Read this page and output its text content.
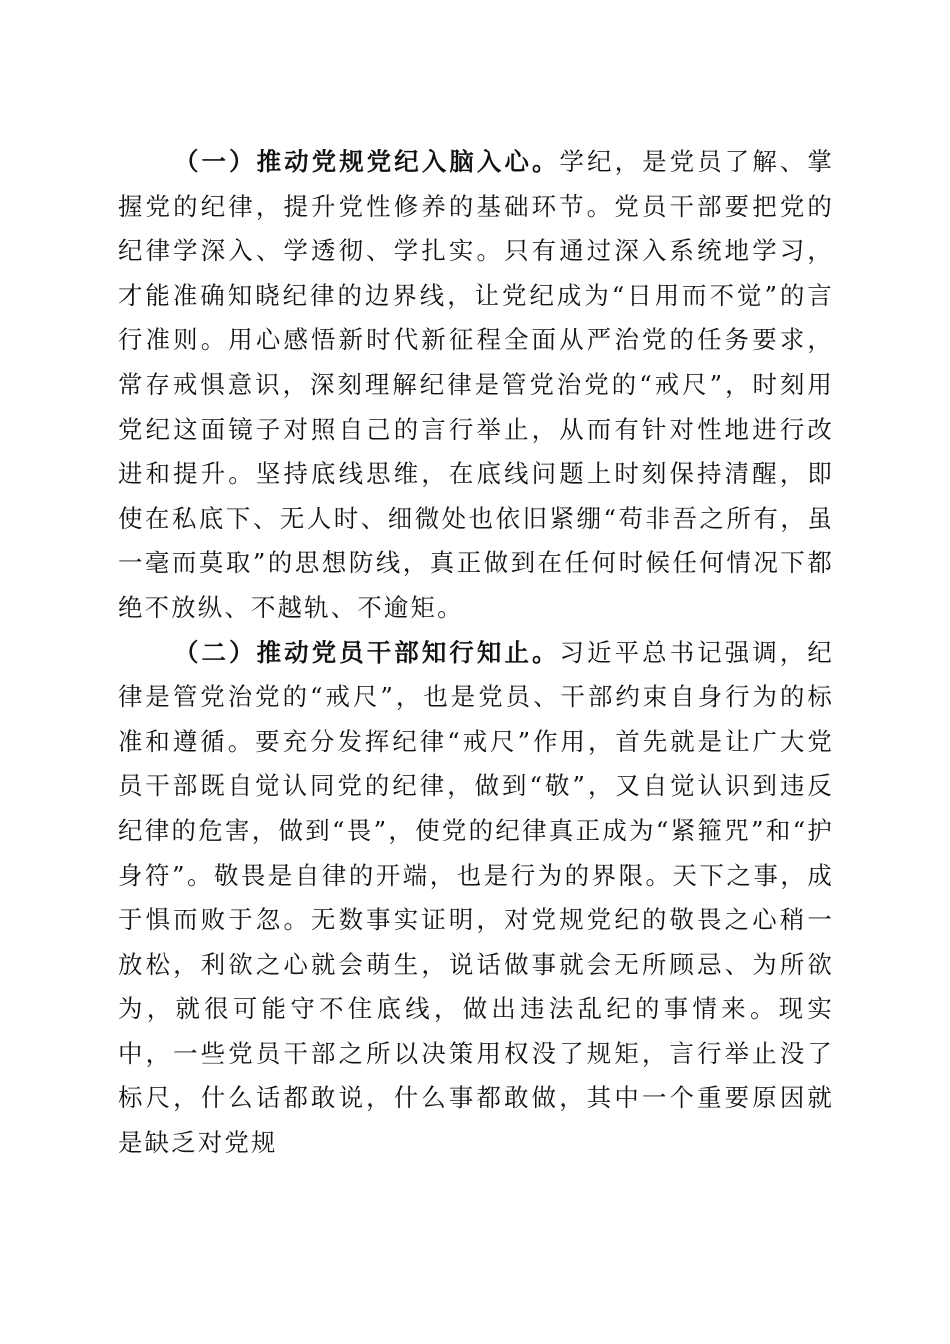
（一）推动党规党纪入脑入心。学纪，是党员了解、掌握党的纪律，提升党性修养的基础环节。党员干部要把党的纪律学深入、学透彻、学扎实。只有通过深入系统地学习，才能准确知晓纪律的边界线，让党纪成为“日用而不觉”的言行准则。用心感悟新时代新征程全面从严治党的任务要求，常存戒惧意识，深刻理解纪律是管党治党的“戒尺”，时刻用党纪这面镜子对照自己的言行举止，从而有针对性地进行改进和提升。坚持底线思维，在底线问题上时刻保持清醒，即使在私底下、无人时、细微处也依旧紧绷“苟非吾之所有，虽一毫而莫取”的思想防线，真正做到在任何时候任何情况下都绝不放纵、不越轨、不逾矩。

（二）推动党员干部知行知止。习近平总书记强调，纪律是管党治党的“戒尺”，也是党员、干部约束自身行为的标准和遵循。要充分发挥纪律“戒尺”作用，首先就是让广大党员干部既自觉认同党的纪律，做到“敬”，又自觉认识到违反纪律的危害，做到“畏”，使党的纪律真正成为“紧箍咒”和“护身符”。敬畏是自律的开端，也是行为的界限。天下之事，成于惧而败于忽。无数事实证明，对党规党纪的敬畏之心稍一放松，利欲之心就会萌生，说话做事就会无所顾忌、为所欲为，就很可能守不住底线，做出违法乱纪的事情来。现实中，一些党员干部之所以决策用权没了规矩，言行举止没了标尺，什么话都敢说，什么事都敢做，其中一个重要原因就是缺乏对党规
